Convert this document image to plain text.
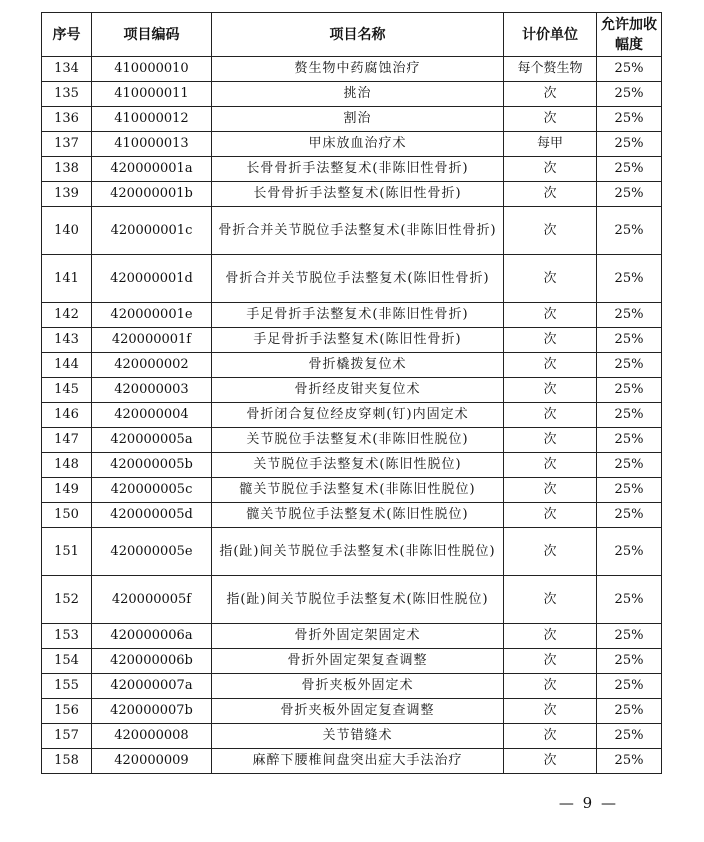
序号	项目编码	项目名称	计价单位	允许加收幅度
134	410000010	赘生物中药腐蚀治疗	每个赘生物	25%
135	410000011	挑治	次	25%
136	410000012	割治	次	25%
137	410000013	甲床放血治疗术	每甲	25%
138	420000001a	长骨骨折手法整复术(非陈旧性骨折)	次	25%
139	420000001b	长骨骨折手法整复术(陈旧性骨折)	次	25%
140	420000001c	骨折合并关节脱位手法整复术(非陈旧性骨折)	次	25%
141	420000001d	骨折合并关节脱位手法整复术(陈旧性骨折)	次	25%
142	420000001e	手足骨折手法整复术(非陈旧性骨折)	次	25%
143	420000001f	手足骨折手法整复术(陈旧性骨折)	次	25%
144	420000002	骨折橇拨复位术	次	25%
145	420000003	骨折经皮钳夹复位术	次	25%
146	420000004	骨折闭合复位经皮穿刺(钉)内固定术	次	25%
147	420000005a	关节脱位手法整复术(非陈旧性脱位)	次	25%
148	420000005b	关节脱位手法整复术(陈旧性脱位)	次	25%
149	420000005c	髋关节脱位手法整复术(非陈旧性脱位)	次	25%
150	420000005d	髋关节脱位手法整复术(陈旧性脱位)	次	25%
151	420000005e	指(趾)间关节脱位手法整复术(非陈旧性脱位)	次	25%
152	420000005f	指(趾)间关节脱位手法整复术(陈旧性脱位)	次	25%
153	420000006a	骨折外固定架固定术	次	25%
154	420000006b	骨折外固定架复查调整	次	25%
155	420000007a	骨折夹板外固定术	次	25%
156	420000007b	骨折夹板外固定复查调整	次	25%
157	420000008	关节错缝术	次	25%
158	420000009	麻醉下腰椎间盘突出症大手法治疗	次	25%
— 9 —
